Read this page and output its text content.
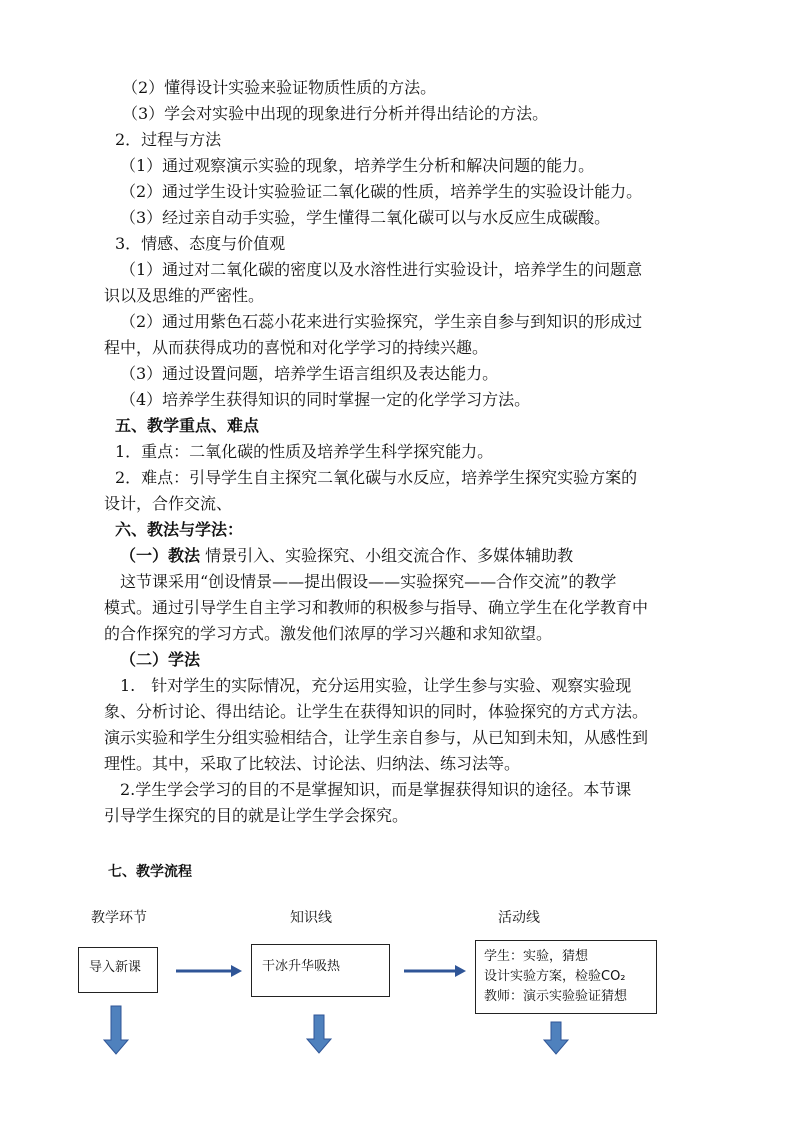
（2）懂得设计实验来验证物质性质的方法。
（3）学会对实验中出现的现象进行分析并得出结论的方法。
2．过程与方法
（1）通过观察演示实验的现象，培养学生分析和解决问题的能力。
（2）通过学生设计实验验证二氧化碳的性质，培养学生的实验设计能力。
（3）经过亲自动手实验，学生懂得二氧化碳可以与水反应生成碳酸。
3．情感、态度与价值观
（1）通过对二氧化碳的密度以及水溶性进行实验设计，培养学生的问题意
识以及思维的严密性。
（2）通过用紫色石蕊小花来进行实验探究，学生亲自参与到知识的形成过
程中，从而获得成功的喜悦和对化学学习的持续兴趣。
（3）通过设置问题，培养学生语言组织及表达能力。
（4）培养学生获得知识的同时掌握一定的化学学习方法。
五、教学重点、难点
1．重点：二氧化碳的性质及培养学生科学探究能力。
2．难点：引导学生自主探究二氧化碳与水反应，培养学生探究实验方案的
设计，合作交流、
六、教法与学法：
（一）教法 情景引入、实验探究、小组交流合作、多媒体辅助教
这节课采用“创设情景——提出假设——实验探究——合作交流”的教学
模式。通过引导学生自主学习和教师的积极参与指导、确立学生在化学教育中
的合作探究的学习方式。激发他们浓厚的学习兴趣和求知欲望。
（二）学法
1.　针对学生的实际情况，充分运用实验，让学生参与实验、观察实验现
象、分析讨论、得出结论。让学生在获得知识的同时，体验探究的方式方法。
演示实验和学生分组实验相结合，让学生亲自参与，从已知到未知，从感性到
理性。其中，采取了比较法、讨论法、归纳法、练习法等。
2.学生学会学习的目的不是掌握知识，而是掌握获得知识的途径。本节课
引导学生探究的目的就是让学生学会探究。
七、教学流程
教学环节	知识线	活动线
导入新课	干冰升华吸热
学生：实验，猜想
设计实验方案，检验CO₂
教师：演示实验验证猜想
